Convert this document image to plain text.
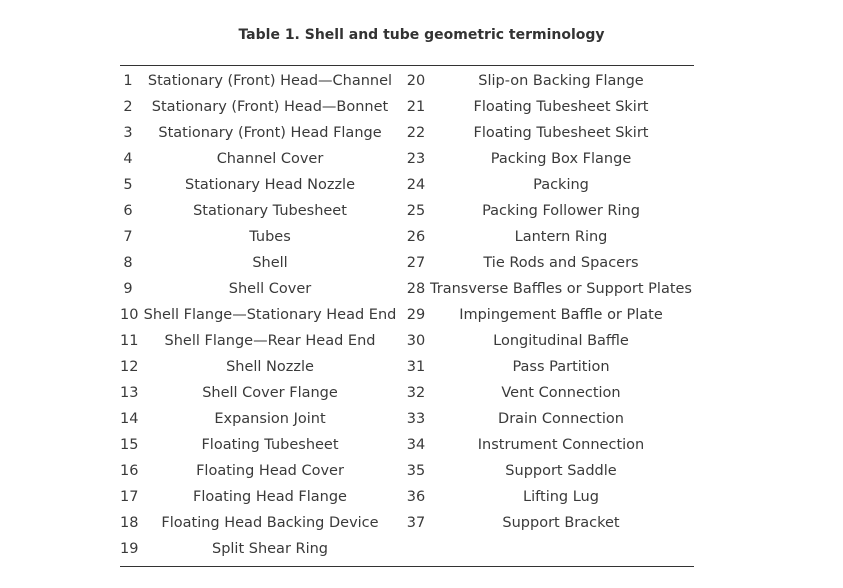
Table 1. Shell and tube geometric terminology
1	Stationary (Front) Head—Channel	20	Slip-on Backing Flange
2	Stationary (Front) Head—Bonnet	21	Floating Tubesheet Skirt
3	Stationary (Front) Head Flange	22	Floating Tubesheet Skirt
4	Channel Cover	23	Packing Box Flange
5	Stationary Head Nozzle	24	Packing
6	Stationary Tubesheet	25	Packing Follower Ring
7	Tubes	26	Lantern Ring
8	Shell	27	Tie Rods and Spacers
9	Shell Cover	28 Transverse Baffles or Support Plates
10 Shell Flange—Stationary Head End 29	Impingement Baffle or Plate
11	Shell Flange—Rear Head End	30	Longitudinal Baffle
12	Shell Nozzle	31	Pass Partition
13	Shell Cover Flange	32	Vent Connection
14	Expansion Joint	33	Drain Connection
15	Floating Tubesheet	34	Instrument Connection
16	Floating Head Cover	35	Support Saddle
17	Floating Head Flange	36	Lifting Lug
18	Floating Head Backing Device	37	Support Bracket
19	Split Shear Ring
